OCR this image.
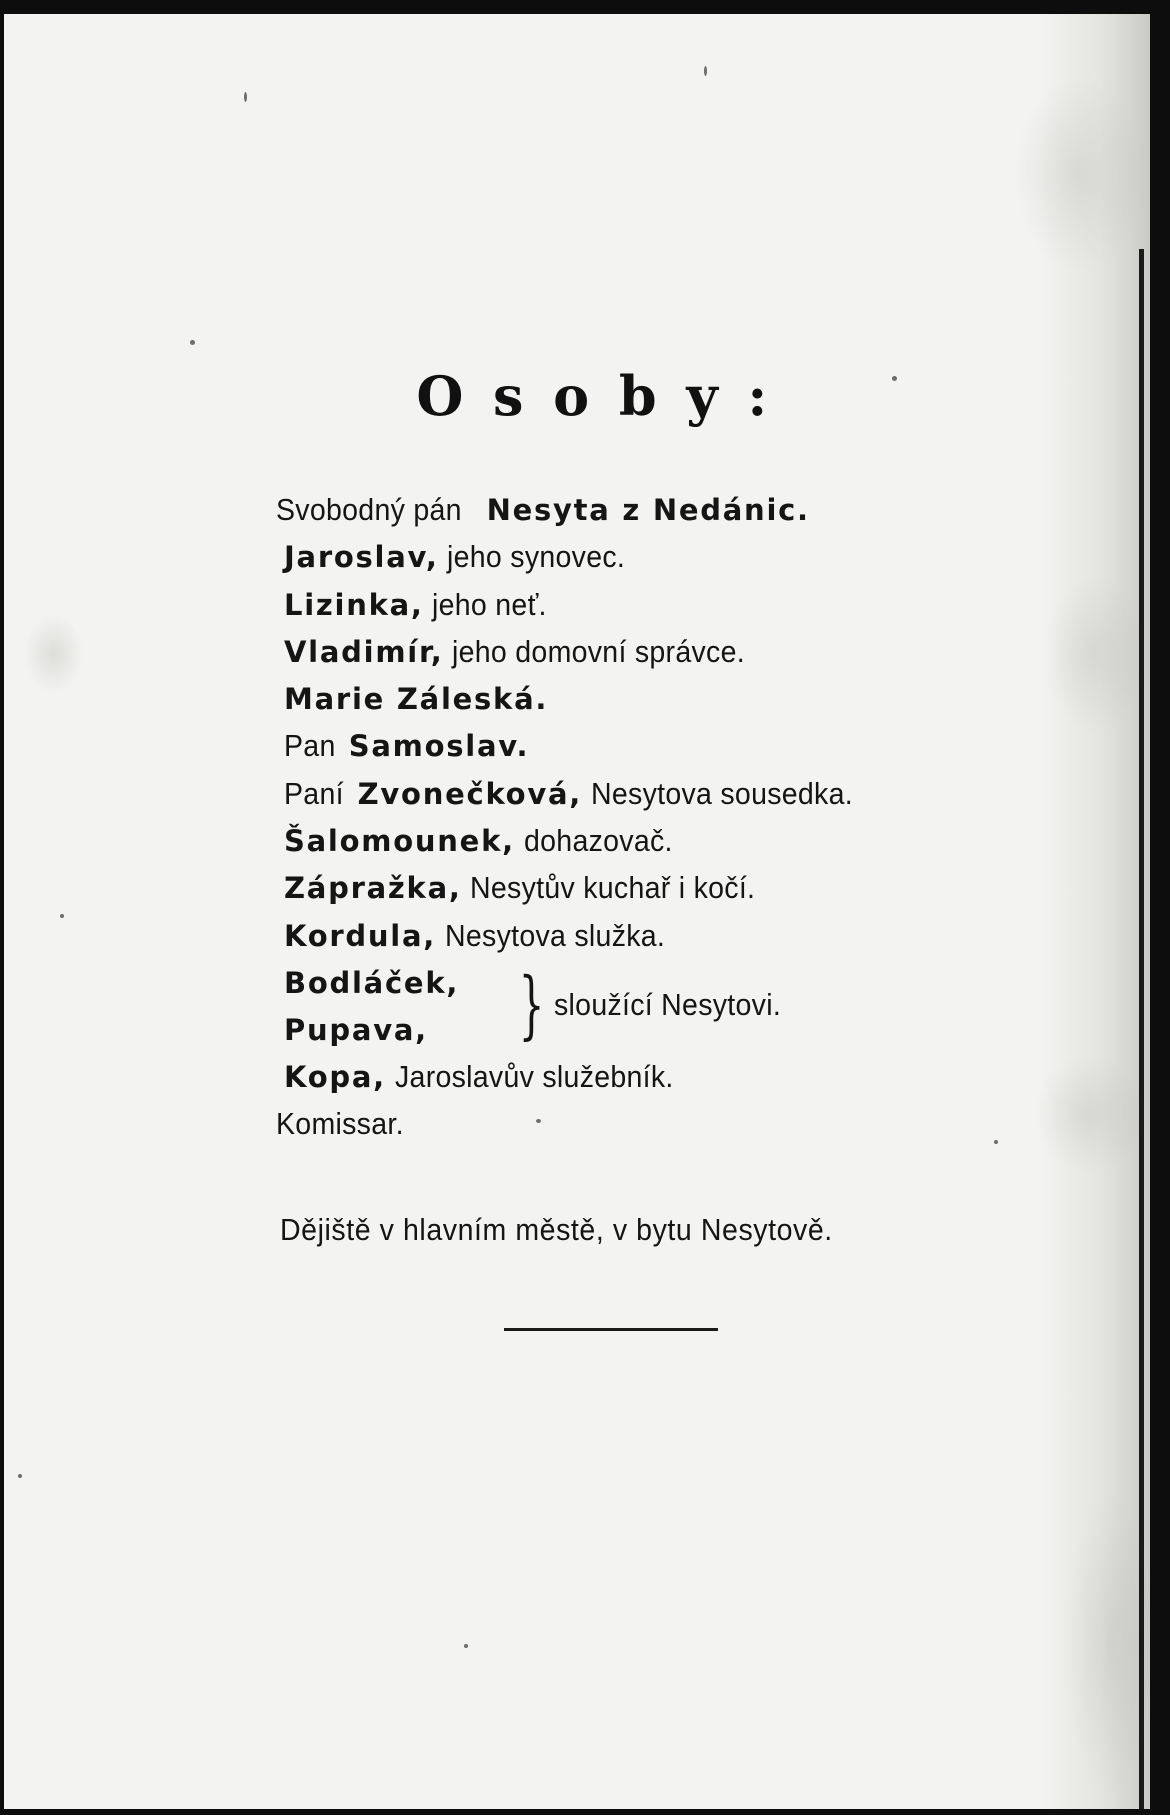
Osoby:
Svobodný pán Nesyta z Nedánic.
Jaroslav, jeho synovec.
Lizinka, jeho neť.
Vladimír, jeho domovní správce.
Marie Záleská.
Pan Samoslav.
Paní Zvonečková, Nesytova sousedka.
Šalomounek, dohazovač.
Zápražka, Nesytův kuchař i kočí.
Kordula, Nesytova služka.
Bodláček,
Pupava, } sloužící Nesytovi.
Kopa, Jaroslavův služebník.
Komissar.
Dějiště v hlavním městě, v bytu Nesytově.
